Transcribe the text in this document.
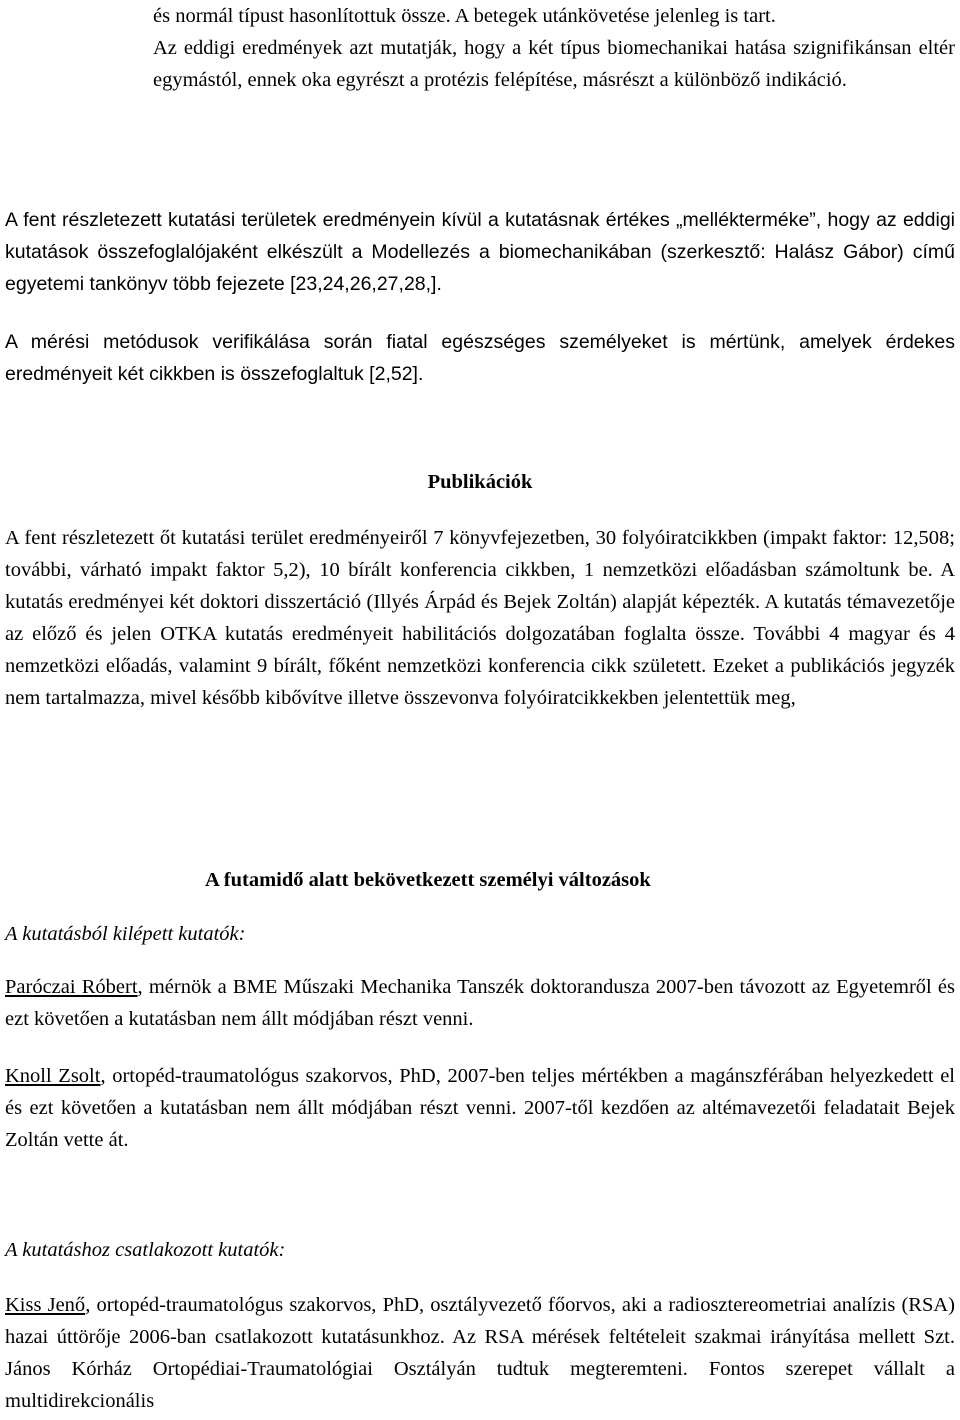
és normál típust hasonlítottuk össze. A betegek utánkövetése jelenleg is tart.

Az eddigi eredmények azt mutatják, hogy a két típus biomechanikai hatása szignifikánsan eltér egymástól, ennek oka egyrészt a protézis felépítése, másrészt a különböző indikáció.

A fent részletezett kutatási területek eredményein kívül a kutatásnak értékes „mellékterméke”, hogy az eddigi kutatások összefoglalójaként elkészült a Modellezés a biomechanikában (szerkesztő: Halász Gábor) című egyetemi tankönyv több fejezete [23,24,26,27,28,].

A mérési metódusok verifikálása során fiatal egészséges személyeket is mértünk, amelyek érdekes eredményeit két cikkben is összefoglaltuk [2,52].

Publikációk

A fent részletezett őt kutatási terület eredményeiről 7 könyvfejezetben, 30 folyóiratcikkben (impakt faktor: 12,508; további, várható impakt faktor 5,2), 10 bírált konferencia cikkben, 1 nemzetközi előadásban számoltunk be. A kutatás eredményei két doktori disszertáció (Illyés Árpád és Bejek Zoltán) alapját képezték. A kutatás témavezetője az előző és jelen OTKA kutatás eredményeit habilitációs dolgozatában foglalta össze. További 4 magyar és 4 nemzetközi előadás, valamint 9 bírált, főként nemzetközi konferencia cikk született. Ezeket a publikációs jegyzék nem tartalmazza, mivel később kibővítve illetve összevonva folyóiratcikkekben jelentettük meg,

A futamidő alatt bekövetkezett személyi változások

A kutatásból kilépett kutatók:

Paróczai Róbert, mérnök a BME Műszaki Mechanika Tanszék doktorandusza 2007-ben távozott az Egyetemről és ezt követően a kutatásban nem állt módjában részt venni.

Knoll Zsolt, ortopéd-traumatológus szakorvos, PhD, 2007-ben teljes mértékben a magánszférában helyezkedett el és ezt követően a kutatásban nem állt módjában részt venni. 2007-től kezdően az altémavezetői feladatait Bejek Zoltán vette át.

A kutatáshoz csatlakozott kutatók:

Kiss Jenő, ortopéd-traumatológus szakorvos, PhD, osztályvezető főorvos, aki a radiosztereometriai analízis (RSA) hazai úttörője 2006-ban csatlakozott kutatásunkhoz. Az RSA mérések feltételeit szakmai irányítása mellett Szt. János Kórház Ortopédiai-Traumatológiai Osztályán tudtuk megteremteni. Fontos szerepet vállalt a multidirekcionális
